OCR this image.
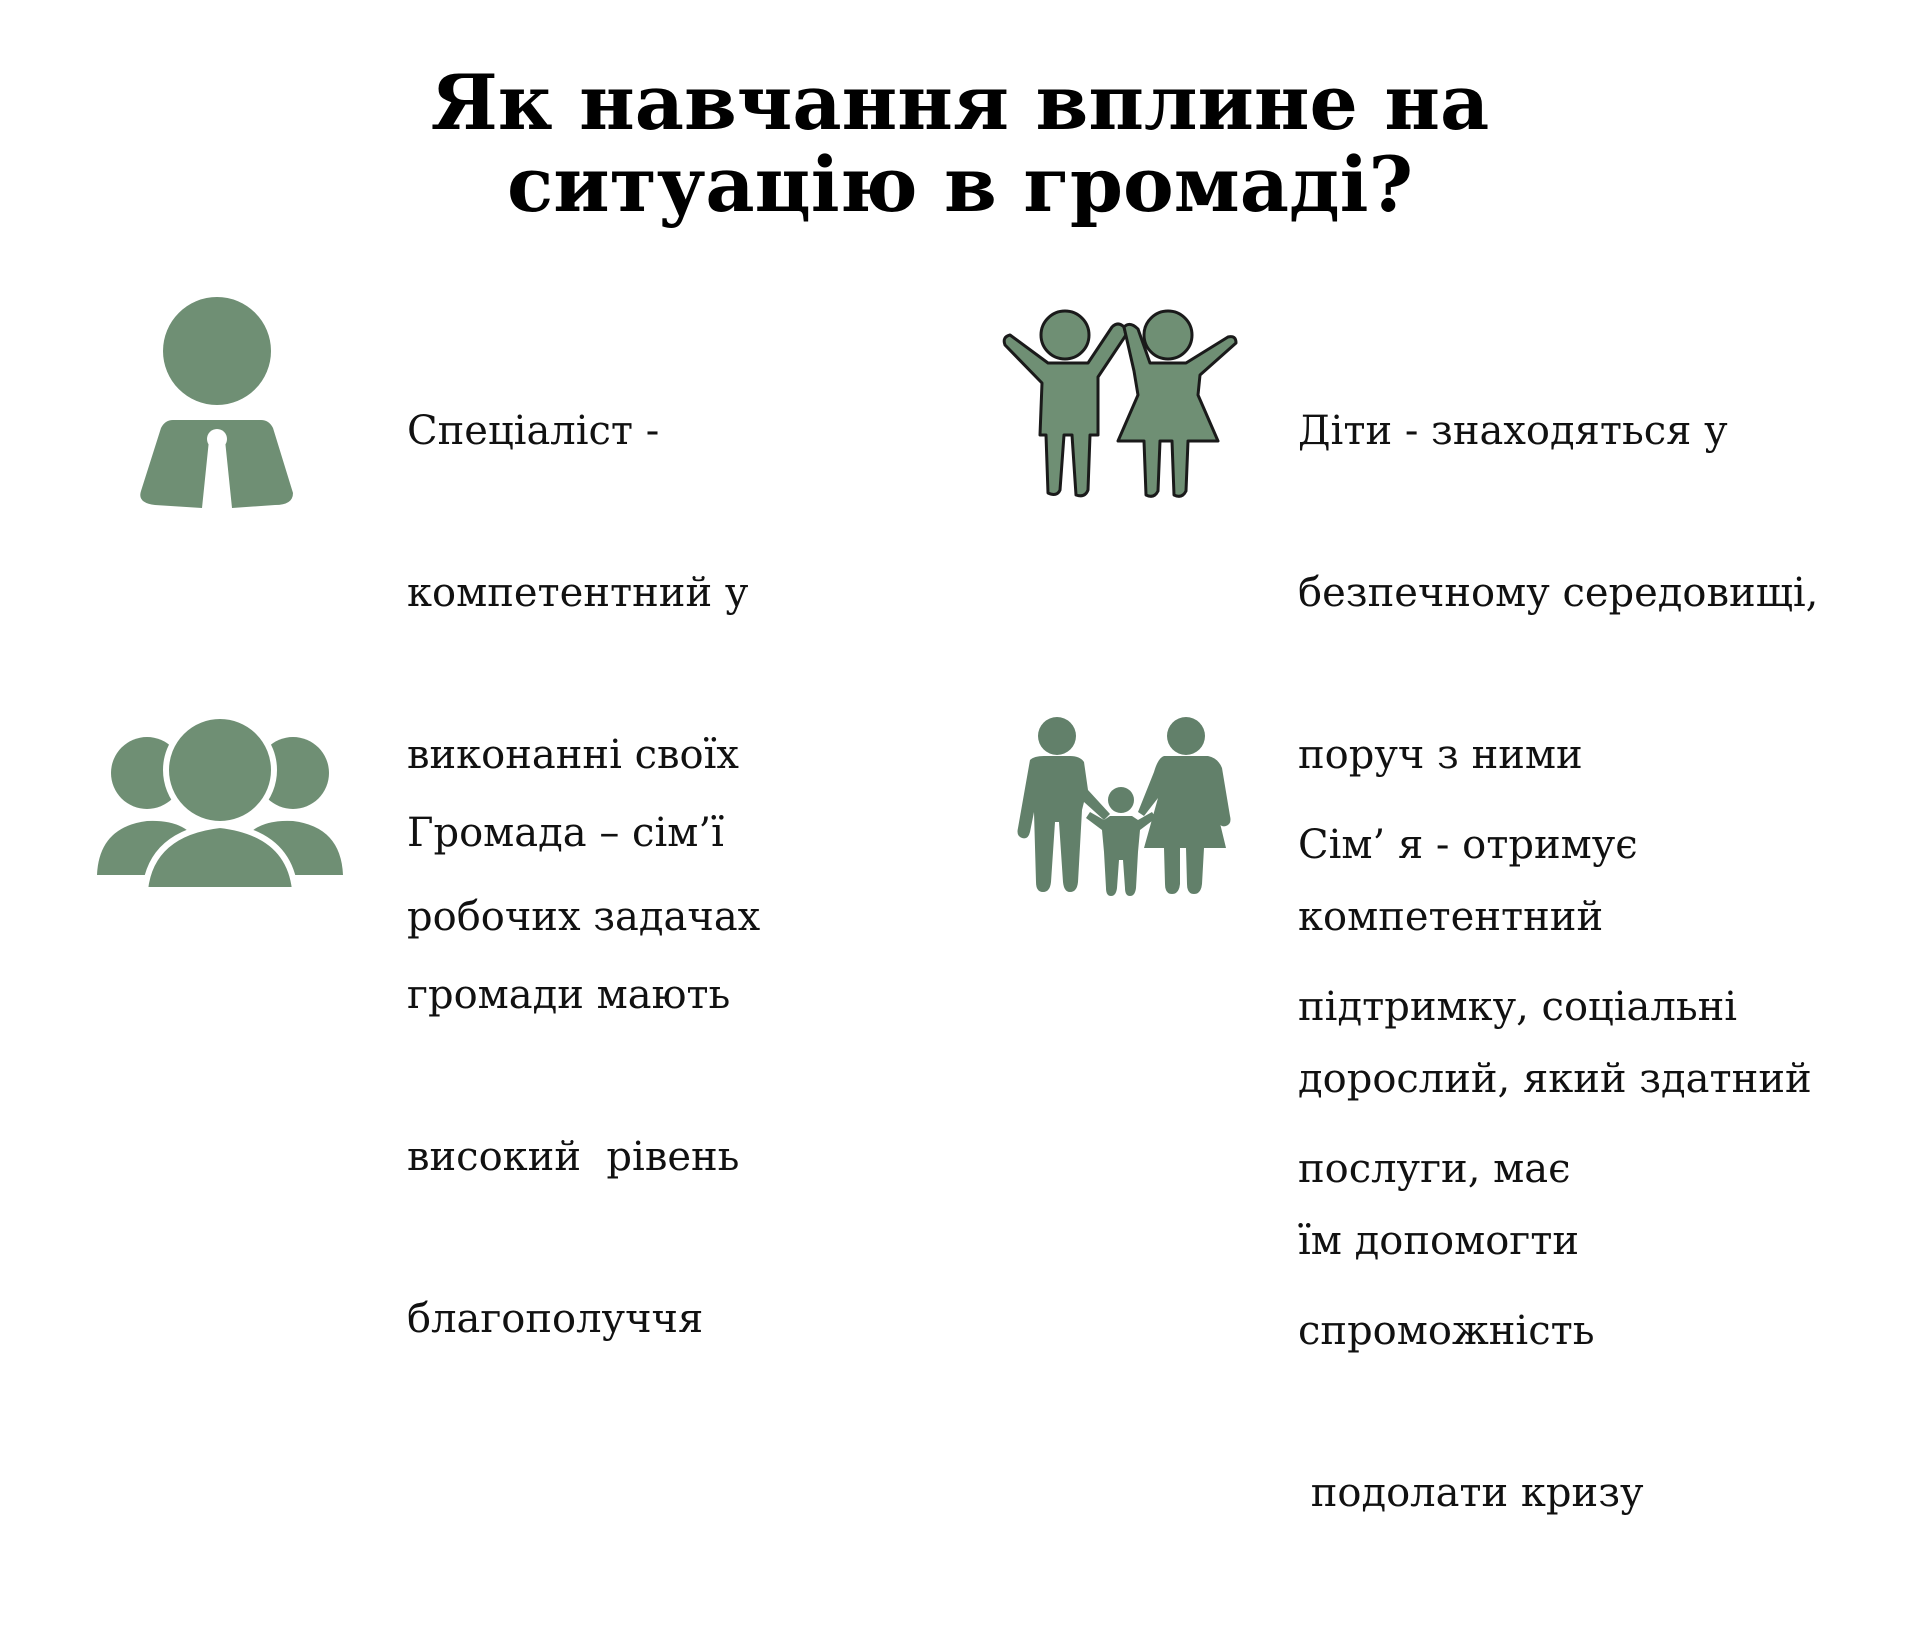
Як навчання вплине на
ситуацію в громаді?

Спеціаліст -

компетентний у

виконанні своїх

робочих задачах

Діти - знаходяться у

безпечному середовищі,

поруч з ними

компетентний

дорослий, який здатний

їм допомогти

Громада – сім’ї

громади мають

високий  рівень

благополуччя

Сім’ я - отримує

підтримку, соціальні

послуги, має

спроможність

подолати кризу
